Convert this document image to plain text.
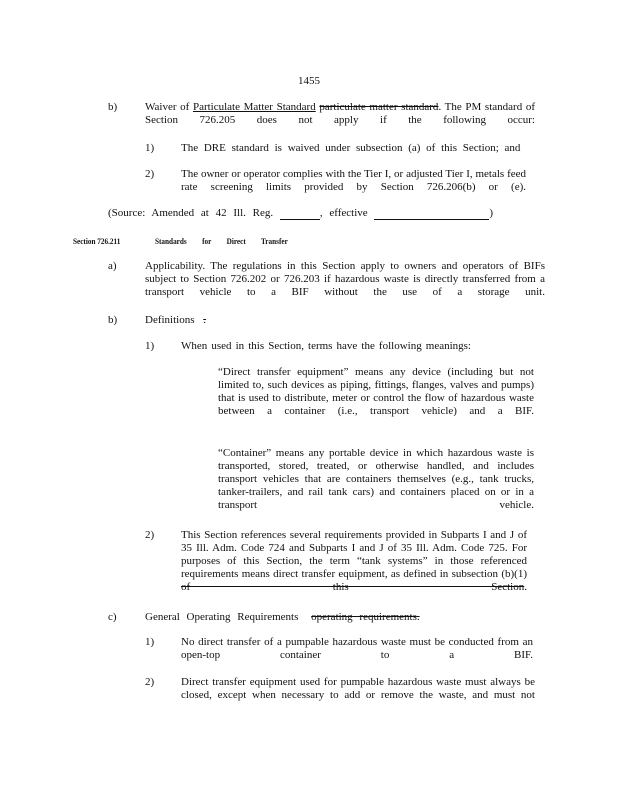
1455
b)	Waiver of Particulate Matter Standard particulate matter standard. The PM standard of Section 726.205 does not apply if the following occur:
1) The DRE standard is waived under subsection (a) of this Section; and
2) The owner or operator complies with the Tier I, or adjusted Tier I, metals feed rate screening limits provided by Section 726.206(b) or (e).
(Source: Amended at 42 Ill. Reg.	, effective	)
Section 726.211	Standards for Direct Transfer
a)	Applicability. The regulations in this Section apply to owners and operators of BIFs subject to Section 726.202 or 726.203 if hazardous waste is directly transferred from a transport vehicle to a BIF without the use of a storage unit.
b)	Definitions .
1) When used in this Section, terms have the following meanings:
“Direct transfer equipment” means any device (including but not limited to, such devices as piping, fittings, flanges, valves and pumps) that is used to distribute, meter or control the flow of hazardous waste between a container (i.e., transport vehicle) and a BIF.
“Container” means any portable device in which hazardous waste is transported, stored, treated, or otherwise handled, and includes transport vehicles that are containers themselves (e.g., tank trucks, tanker-trailers, and rail tank cars) and containers placed on or in a transport vehicle.
2) This Section references several requirements provided in Subparts I and J of 35 Ill. Adm. Code 724 and Subparts I and J of 35 Ill. Adm. Code 725. For purposes of this Section, the term “tank systems” in those referenced requirements means direct transfer equipment, as defined in subsection (b)(1) of this Section.
c)	General Operating Requirements operating requirements.
1) No direct transfer of a pumpable hazardous waste must be conducted from an open-top container to a BIF.
2) Direct transfer equipment used for pumpable hazardous waste must always be closed, except when necessary to add or remove the waste, and must not
